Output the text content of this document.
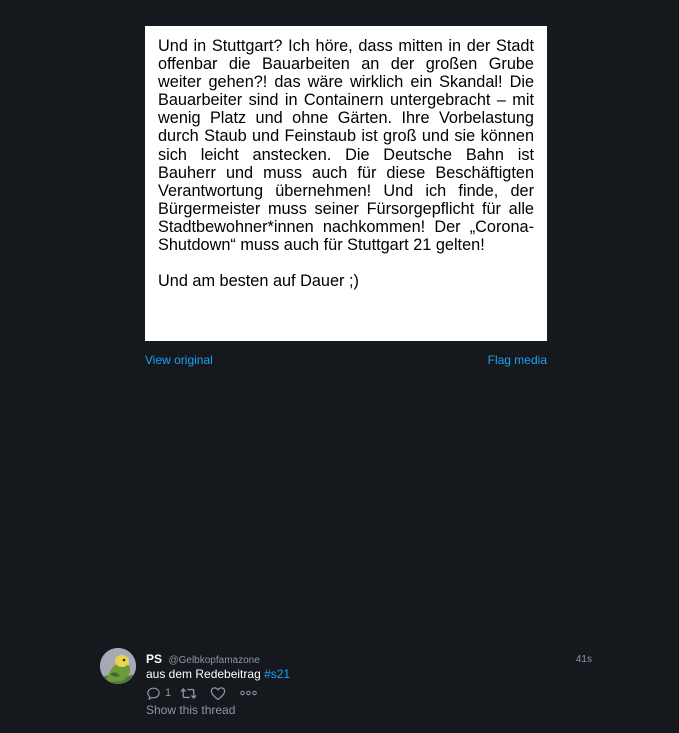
Und in Stuttgart? Ich höre, dass mitten in der Stadt offenbar die Bauarbeiten an der großen Grube weiter gehen?! das wäre wirklich ein Skandal! Die Bauarbeiter sind in Containern untergebracht – mit wenig Platz und ohne Gärten. Ihre Vorbelastung durch Staub und Feinstaub ist groß und sie können sich leicht anstecken. Die Deutsche Bahn ist Bauherr und muss auch für diese Beschäftigten Verantwortung übernehmen! Und ich finde, der Bürgermeister muss seiner Fürsorgepflicht für alle Stadtbewohner*innen nachkommen! Der „Corona-Shutdown“ muss auch für Stuttgart 21 gelten!

Und am besten auf Dauer ;)

View original	Flag media
PS @Gelbkopfamazone	41s
aus dem Redebeitrag #s21
1
Show this thread
